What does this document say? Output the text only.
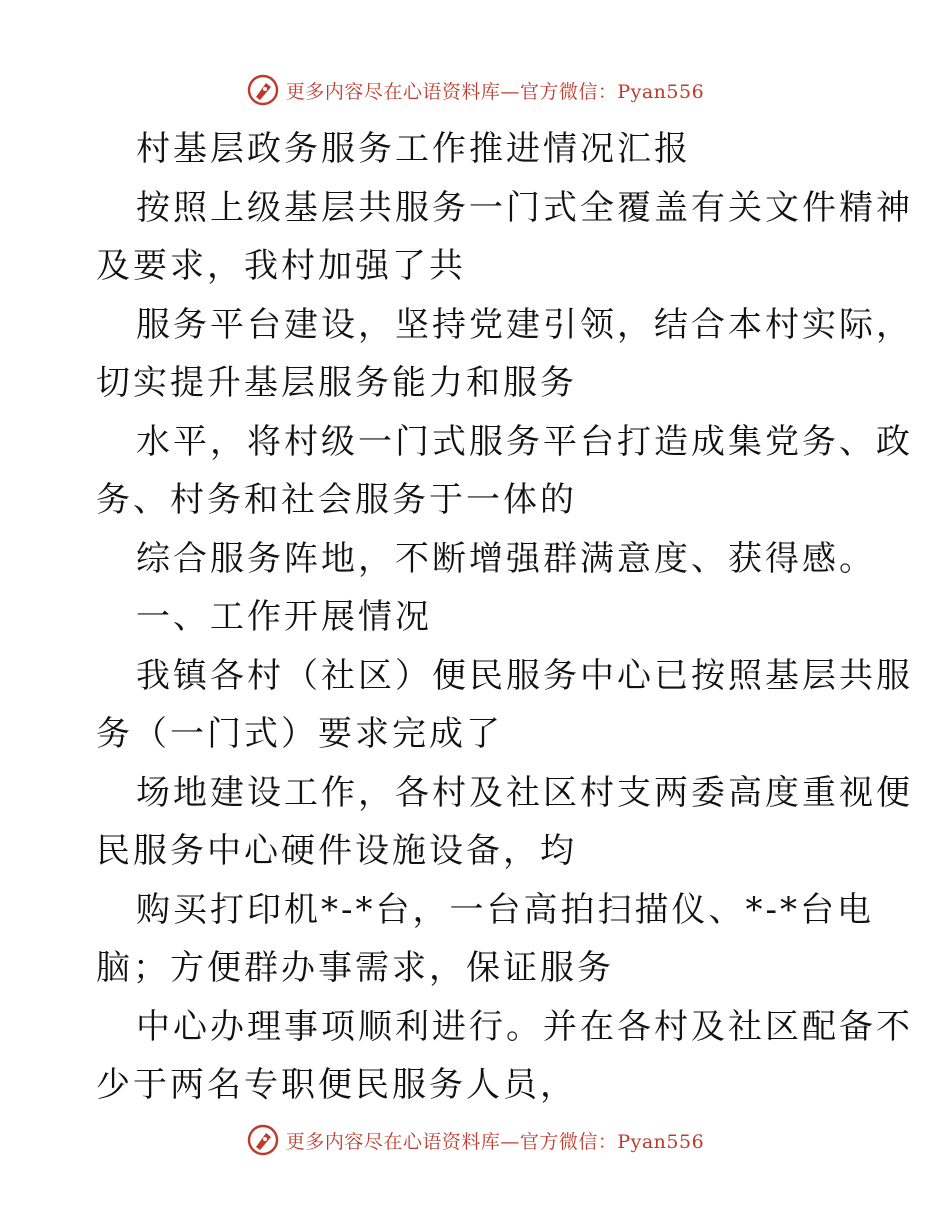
更多内容尽在心语资料库—官方微信：Pyan556
村基层政务服务工作推进情况汇报
按照上级基层共服务一门式全覆盖有关文件精神
及要求，我村加强了共
服务平台建设，坚持党建引领，结合本村实际，
切实提升基层服务能力和服务
水平，将村级一门式服务平台打造成集党务、政
务、村务和社会服务于一体的
综合服务阵地，不断增强群满意度、获得感。
一、工作开展情况
我镇各村（社区）便民服务中心已按照基层共服
务（一门式）要求完成了
场地建设工作，各村及社区村支两委高度重视便
民服务中心硬件设施设备，均
购买打印机*-*台，一台高拍扫描仪、*-*台电
脑；方便群办事需求，保证服务
中心办理事项顺利进行。并在各村及社区配备不
少于两名专职便民服务人员，
更多内容尽在心语资料库—官方微信：Pyan556
